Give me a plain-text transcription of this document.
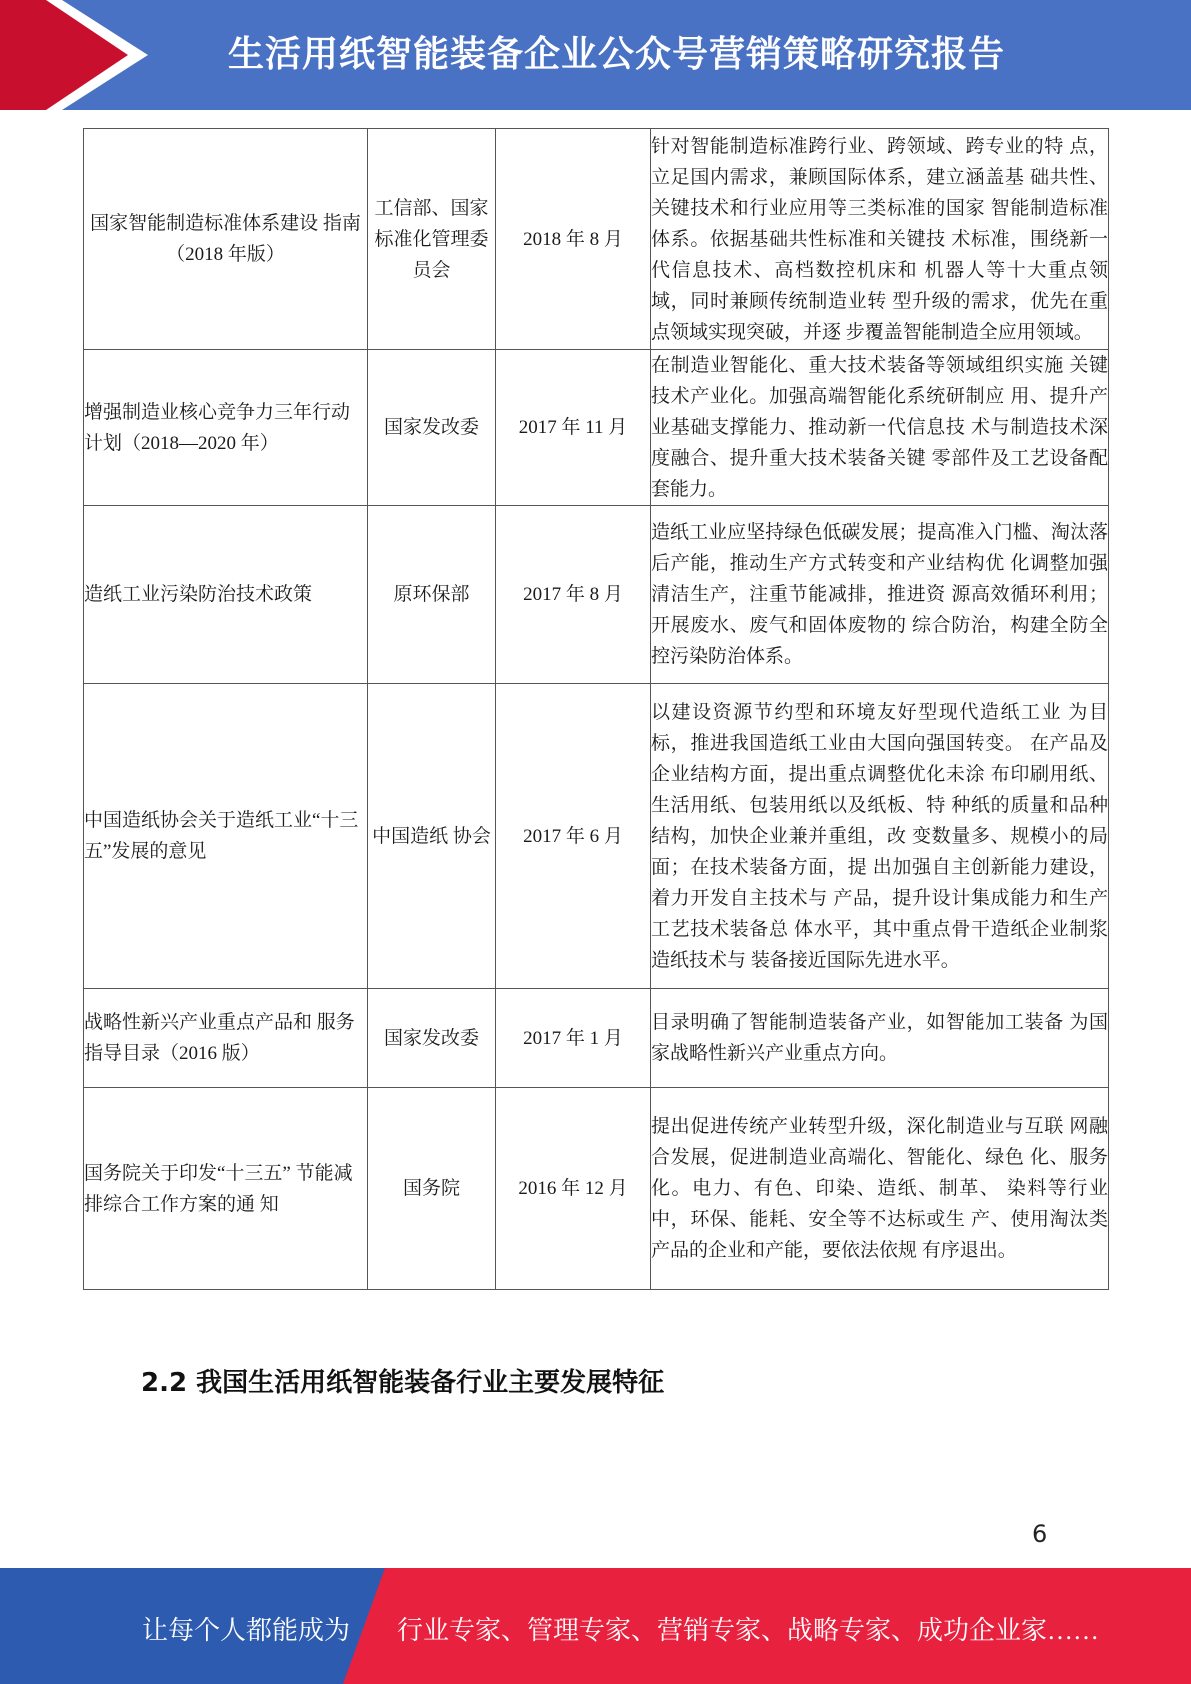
生活用纸智能装备企业公众号营销策略研究报告
国家智能制造标准体系建设 指南（2018 年版）	工信部、国家标准化管理委员会	2018 年 8 月	针对智能制造标准跨行业、跨领域、跨专业的特 点，立足国内需求，兼顾国际体系，建立涵盖基 础共性、关键技术和行业应用等三类标准的国家 智能制造标准体系。依据基础共性标准和关键技 术标准，围绕新一代信息技术、高档数控机床和 机器人等十大重点领域，同时兼顾传统制造业转 型升级的需求，优先在重点领域实现突破，并逐 步覆盖智能制造全应用领域。

增强制造业核心竞争力三年行动计划（2018—2020 年）	国家发改委	2017 年 11 月	在制造业智能化、重大技术装备等领域组织实施 关键技术产业化。加强高端智能化系统研制应 用、提升产业基础支撑能力、推动新一代信息技 术与制造技术深度融合、提升重大技术装备关键 零部件及工艺设备配套能力。

造纸工业污染防治技术政策	原环保部	2017 年 8 月	造纸工业应坚持绿色低碳发展；提高准入门槛、淘汰落后产能，推动生产方式转变和产业结构优 化调整加强清洁生产，注重节能减排，推进资 源高效循环利用；开展废水、废气和固体废物的 综合防治，构建全防全控污染防治体系。

中国造纸协会关于造纸工业“十三五”发展的意见	中国造纸 协会	2017 年 6 月	以建设资源节约型和环境友好型现代造纸工业 为目标，推进我国造纸工业由大国向强国转变。 在产品及企业结构方面，提出重点调整优化未涂 布印刷用纸、生活用纸、包装用纸以及纸板、特 种纸的质量和品种结构，加快企业兼并重组，改 变数量多、规模小的局面；在技术装备方面，提 出加强自主创新能力建设，着力开发自主技术与 产品，提升设计集成能力和生产工艺技术装备总 体水平，其中重点骨干造纸企业制浆造纸技术与 装备接近国际先进水平。

战略性新兴产业重点产品和 服务指导目录（2016 版）	国家发改委	2017 年 1 月	目录明确了智能制造装备产业，如智能加工装备 为国家战略性新兴产业重点方向。

国务院关于印发“十三五” 节能减排综合工作方案的通 知	国务院	2016 年 12 月	提出促进传统产业转型升级，深化制造业与互联 网融合发展，促进制造业高端化、智能化、绿色 化、服务化。电力、有色、印染、造纸、制革、 染料等行业中，环保、能耗、安全等不达标或生 产、使用淘汰类产品的企业和产能，要依法依规 有序退出。
2.2 我国生活用纸智能装备行业主要发展特征
6
让每个人都能成为 行业专家、管理专家、营销专家、战略专家、成功企业家……
